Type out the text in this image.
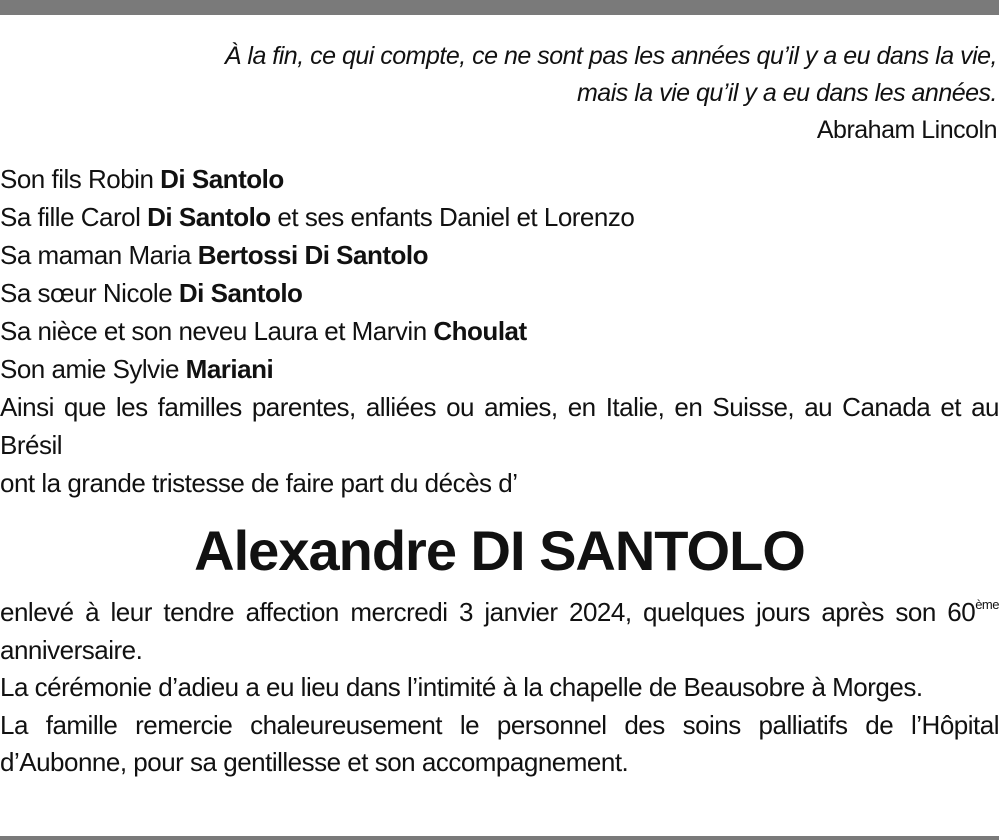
À la fin, ce qui compte, ce ne sont pas les années qu’il y a eu dans la vie,
mais la vie qu’il y a eu dans les années.
Abraham Lincoln
Son fils Robin Di Santolo
Sa fille Carol Di Santolo et ses enfants Daniel et Lorenzo
Sa maman Maria Bertossi Di Santolo
Sa sœur Nicole Di Santolo
Sa nièce et son neveu Laura et Marvin Choulat
Son amie Sylvie Mariani
Ainsi que les familles parentes, alliées ou amies, en Italie, en Suisse, au Canada et au Brésil
ont la grande tristesse de faire part du décès d’
Alexandre DI SANTOLO
enlevé à leur tendre affection mercredi 3 janvier 2024, quelques jours après son 60ème anniversaire.
La cérémonie d’adieu a eu lieu dans l’intimité à la chapelle de Beausobre à Morges.
La famille remercie chaleureusement le personnel des soins palliatifs de l’Hôpital d’Aubonne, pour sa gentillesse et son accompagnement.
